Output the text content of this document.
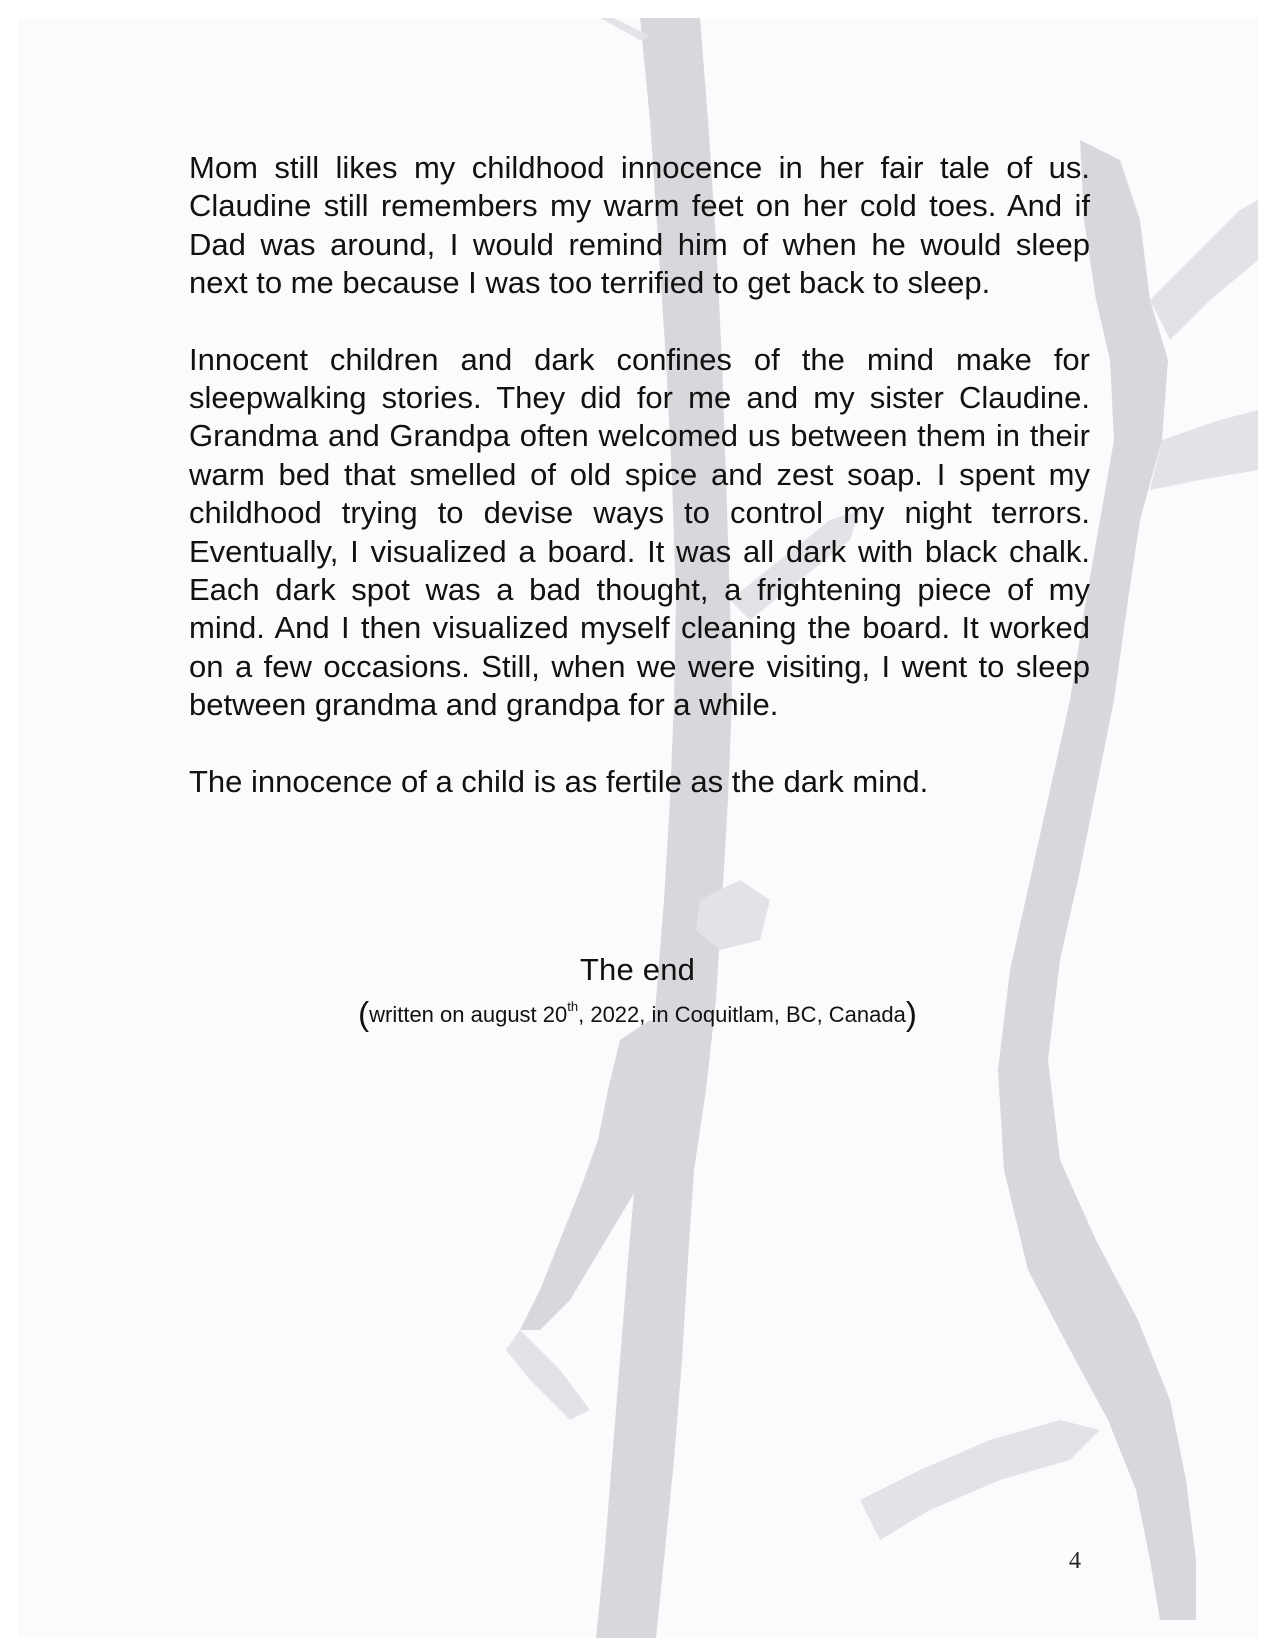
Mom still likes my childhood innocence in her fair tale of us. Claudine still remembers my warm feet on her cold toes. And if Dad was around, I would remind him of when he would sleep next to me because I was too terrified to get back to sleep.

Innocent children and dark confines of the mind make for sleepwalking stories. They did for me and my sister Claudine. Grandma and Grandpa often welcomed us between them in their warm bed that smelled of old spice and zest soap. I spent my childhood trying to devise ways to control my night terrors. Eventually, I visualized a board. It was all dark with black chalk. Each dark spot was a bad thought, a frightening piece of my mind. And I then visualized myself cleaning the board. It worked on a few occasions. Still, when we were visiting, I went to sleep between grandma and grandpa for a while.

The innocence of a child is as fertile as the dark mind.

The end
(written on august 20th, 2022, in Coquitlam, BC, Canada)
4
